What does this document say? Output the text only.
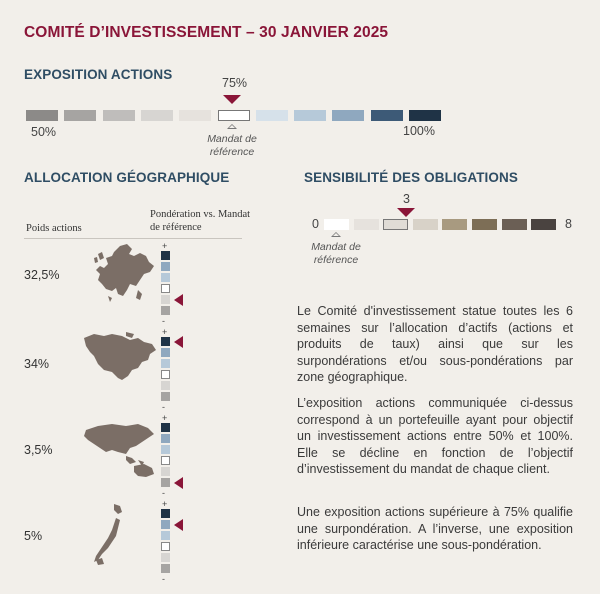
COMITÉ D’INVESTISSEMENT – 30 JANVIER 2025
EXPOSITION ACTIONS
75%
50%	100%
Mandat de référence
ALLOCATION GÉOGRAPHIQUE
Poids actions
Pondération vs. Mandat de référence
32,5%
+
-
34%
+
-
3,5%
+
-
5%
+
-
SENSIBILITÉ DES OBLIGATIONS
3
0	8
Mandat de référence
Le Comité d'investissement statue toutes les 6 semaines sur l’allocation d’actifs (actions et produits de taux) ainsi que sur les surpondérations et/ou sous-pondérations par zone géographique.
L’exposition actions communiquée ci-dessus correspond à un portefeuille ayant pour objectif un investissement actions entre 50% et 100%. Elle se décline en fonction de l’objectif d’investissement du mandat de chaque client.
Une exposition actions supérieure à 75% qualifie une surpondération. A l’inverse, une exposition inférieure caractérise une sous-pondération.
